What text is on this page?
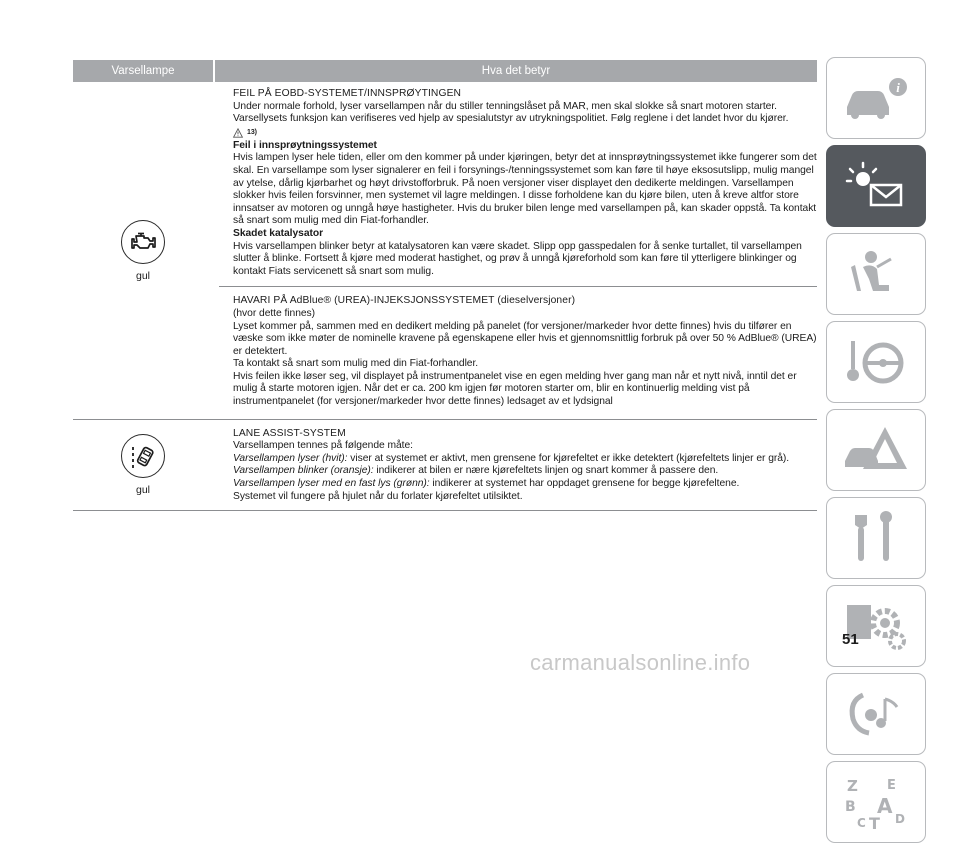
Varsellampe	Hva det betyr
gul

FEIL PÅ EOBD-SYSTEMET/INNSPRØYTINGEN

Under normale forhold, lyser varsellampen når du stiller tenningslåset på MAR, men skal slokke så snart motoren starter. Varsellysets funksjon kan verifiseres ved hjelp av spesialutstyr av utrykningspolitiet. Følg reglene i det landet hvor du kjører.

13)

Feil i innsprøytningssystemet

Hvis lampen lyser hele tiden, eller om den kommer på under kjøringen, betyr det at innsprøytningssystemet ikke fungerer som det skal. En varsellampe som lyser signalerer en feil i forsynings-/tenningssystemet som kan føre til høye eksosutslipp, mulig mangel av ytelse, dårlig kjørbarhet og høyt drivstofforbruk. På noen versjoner viser displayet den dedikerte meldingen. Varsellampen slokker hvis feilen forsvinner, men systemet vil lagre meldingen. I disse forholdene kan du kjøre bilen, uten å kreve altfor store innsatser av motoren og unngå høye hastigheter. Hvis du bruker bilen lenge med varsellampen på, kan skader oppstå. Ta kontakt så snart som mulig med din Fiat-forhandler.

Skadet katalysator

Hvis varsellampen blinker betyr at katalysatoren kan være skadet. Slipp opp gasspedalen for å senke turtallet, til varsellampen slutter å blinke. Fortsett å kjøre med moderat hastighet, og prøv å unngå kjøreforhold som kan føre til ytterligere blinkinger og kontakt Fiats servicenett så snart som mulig.

HAVARI PÅ AdBlue® (UREA)-INJEKSJONSSYSTEMET (dieselversjoner)

(hvor dette finnes)

Lyset kommer på, sammen med en dedikert melding på panelet (for versjoner/markeder hvor dette finnes) hvis du tilfører en væske som ikke møter de nominelle kravene på egenskapene eller hvis et gjennomsnittlig forbruk på over 50 % AdBlue® (UREA) er detektert.

Ta kontakt så snart som mulig med din Fiat-forhandler.

Hvis feilen ikke løser seg, vil displayet på instrumentpanelet vise en egen melding hver gang man når et nytt nivå, inntil det er mulig å starte motoren igjen. Når det er ca. 200 km igjen før motoren starter om, blir en kontinuerlig melding vist på instrumentpanelet (for versjoner/markeder hvor dette finnes) ledsaget av et lydsignal

gul

LANE ASSIST-SYSTEM

Varsellampen tennes på følgende måte:

Varsellampen lyser (hvit): viser at systemet er aktivt, men grensene for kjørefeltet er ikke detektert (kjørefeltets linjer er grå).

Varsellampen blinker (oransje): indikerer at bilen er nære kjørefeltets linjen og snart kommer å passere den.

Varsellampen lyser med en fast lys (grønn): indikerer at systemet har oppdaget grensene for begge kjørefeltene.

Systemet vil fungere på hjulet når du forlater kjørefeltet utilsiktet.

i
Z E
B A
C T D
51
carmanualsonline.info
